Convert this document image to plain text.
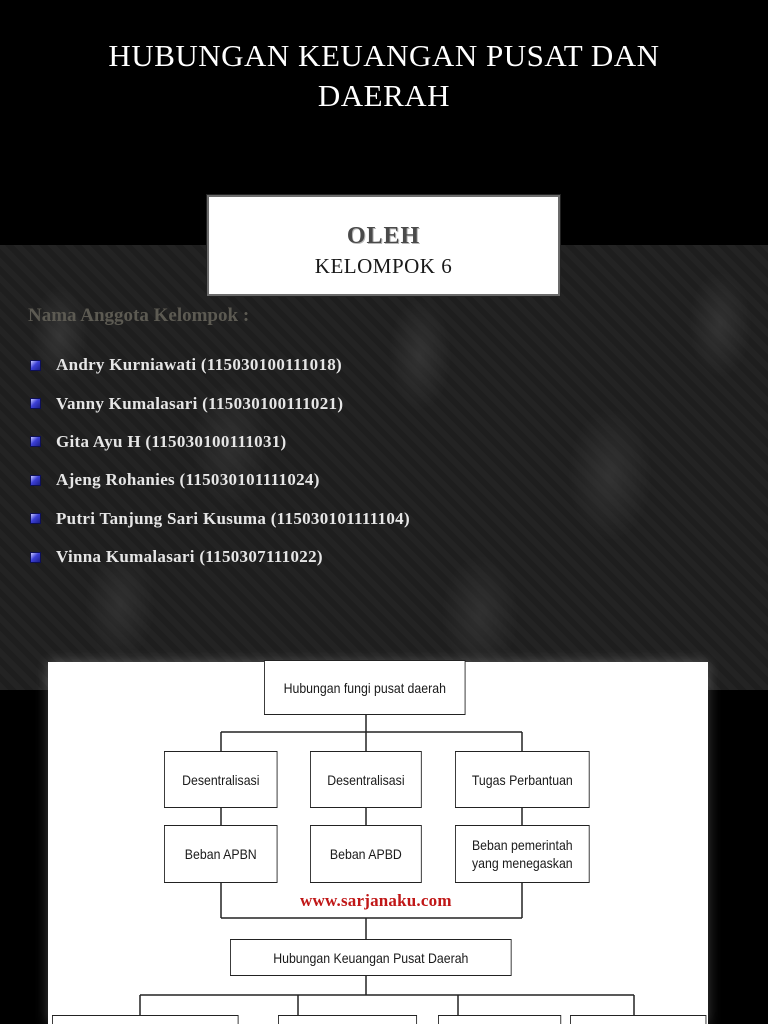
HUBUNGAN KEUANGAN PUSAT DAN
DAERAH
OLEH
KELOMPOK 6
Nama Anggota Kelompok :
Andry Kurniawati (115030100111018)
Vanny Kumalasari (115030100111021)
Gita Ayu H (115030100111031)
Ajeng Rohanies (115030101111024)
Putri Tanjung Sari Kusuma (115030101111104)
Vinna Kumalasari (1150307111022)
Hubungan fungi pusat daerah
Desentralisasi	Desentralisasi	Tugas Perbantuan
Beban APBN	Beban APBD
Beban pemerintah
yang menegaskan
www.sarjanaku.com
Hubungan Keuangan Pusat Daerah
